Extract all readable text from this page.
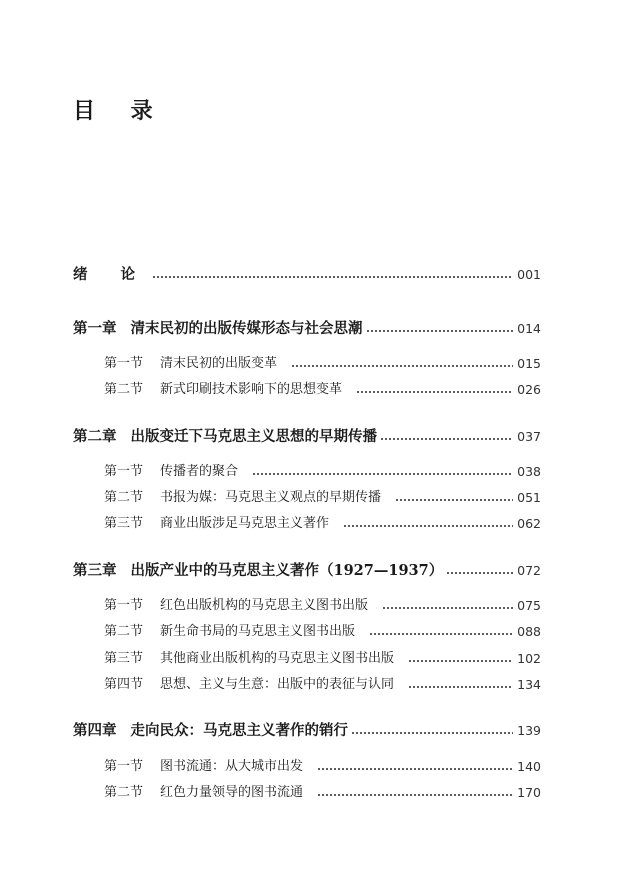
目 录
绪 论	001
第一章 清末民初的出版传媒形态与社会思潮	014
第一节	清末民初的出版变革	015
第二节	新式印刷技术影响下的思想变革	026
第二章 出版变迁下马克思主义思想的早期传播	037
第一节	传播者的聚合	038
第二节	书报为媒：马克思主义观点的早期传播	051
第三节	商业出版涉足马克思主义著作	062
第三章 出版产业中的马克思主义著作（1927—1937）	072
第一节	红色出版机构的马克思主义图书出版	075
第二节	新生命书局的马克思主义图书出版	088
第三节	其他商业出版机构的马克思主义图书出版	102
第四节	思想、主义与生意：出版中的表征与认同	134
第四章 走向民众：马克思主义著作的销行	139
第一节	图书流通：从大城市出发	140
第二节	红色力量领导的图书流通	170
